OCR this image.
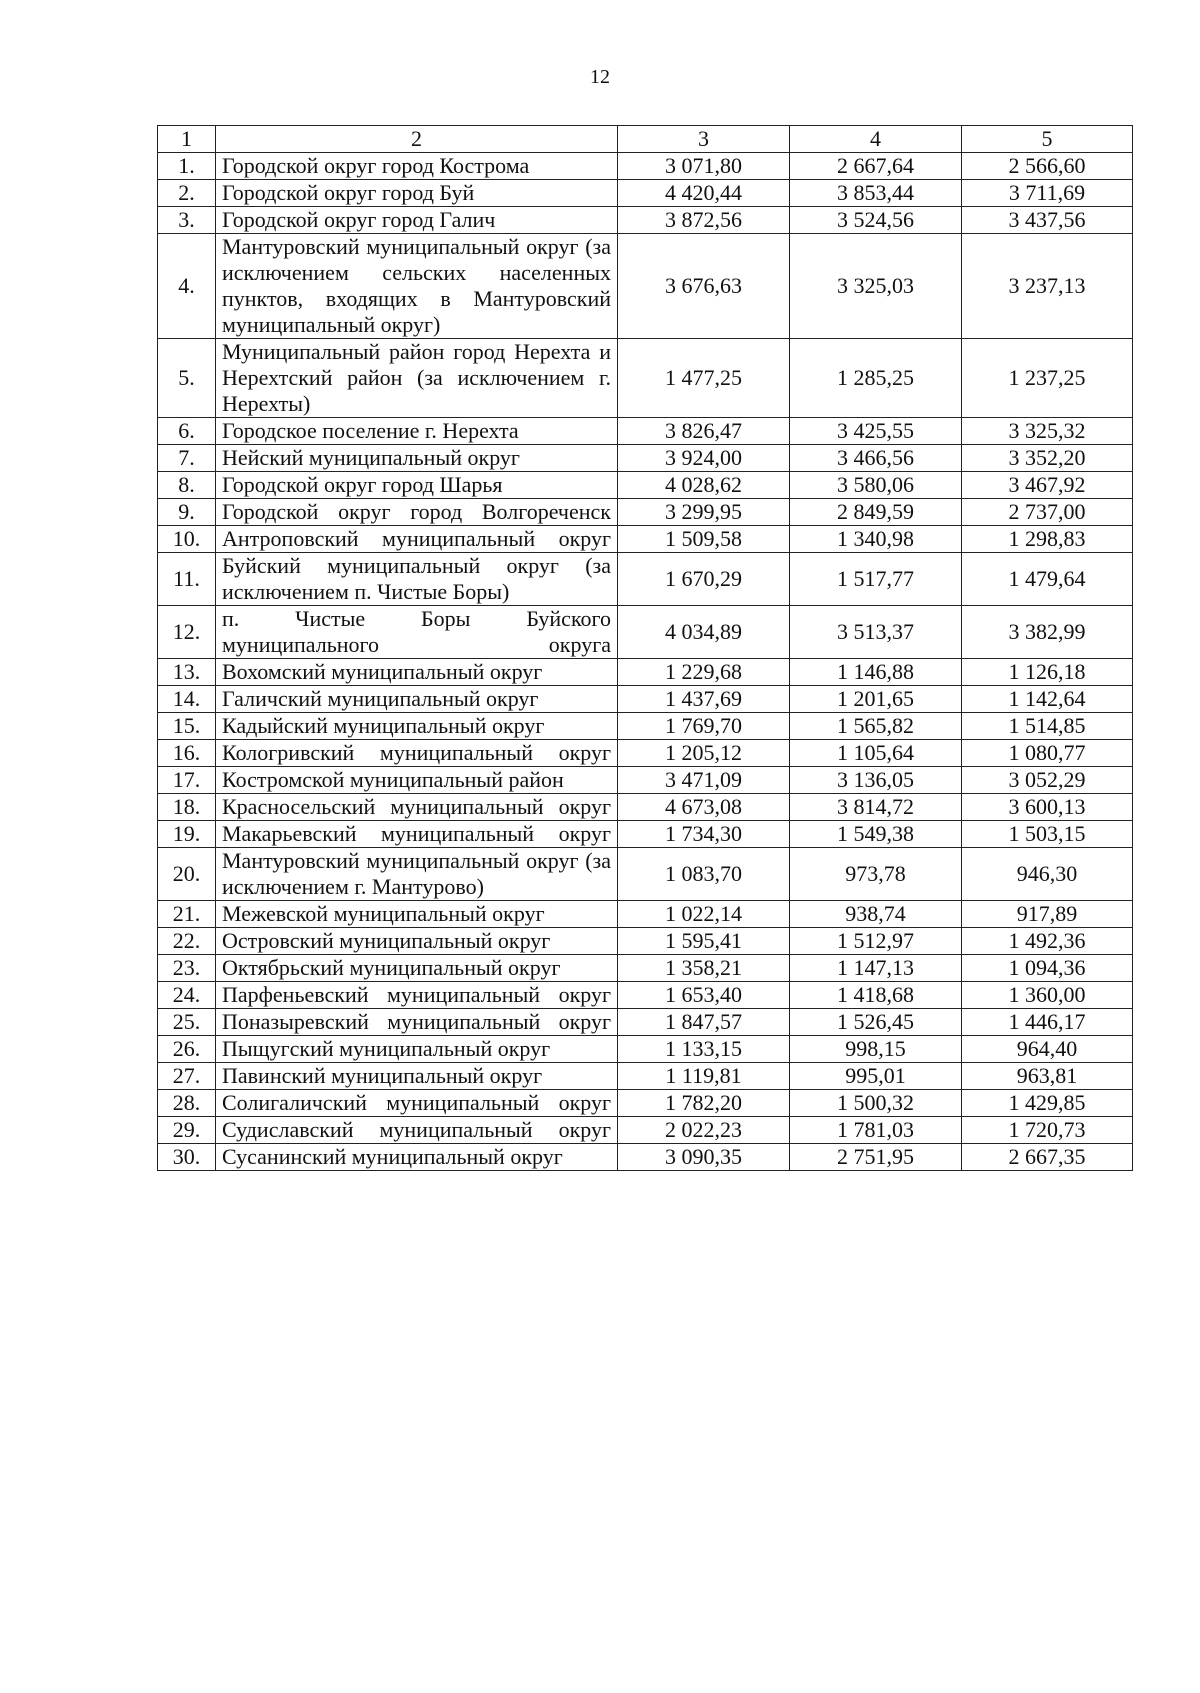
12
1	2	3	4	5
1.	Городской округ город Кострома	3 071,80	2 667,64	2 566,60
2.	Городской округ город Буй	4 420,44	3 853,44	3 711,69
3.	Городской округ город Галич	3 872,56	3 524,56	3 437,56
4.	Мантуровский муниципальный округ (за исключением сельских населенных пунктов, входящих в Мантуровский муниципальный округ)	3 676,63	3 325,03	3 237,13
5.	Муниципальный район город Нерехта и Нерехтский район (за исключением г. Нерехты)	1 477,25	1 285,25	1 237,25
6.	Городское поселение г. Нерехта	3 826,47	3 425,55	3 325,32
7.	Нейский муниципальный округ	3 924,00	3 466,56	3 352,20
8.	Городской округ город Шарья	4 028,62	3 580,06	3 467,92
9.	Городской округ город Волгореченск	3 299,95	2 849,59	2 737,00
10.	Антроповский муниципальный округ	1 509,58	1 340,98	1 298,83
11.	Буйский муниципальный округ (за исключением п. Чистые Боры)	1 670,29	1 517,77	1 479,64
12.	п. Чистые Боры Буйского муниципального округа	4 034,89	3 513,37	3 382,99
13.	Вохомский муниципальный округ	1 229,68	1 146,88	1 126,18
14.	Галичский муниципальный округ	1 437,69	1 201,65	1 142,64
15.	Кадыйский муниципальный округ	1 769,70	1 565,82	1 514,85
16.	Кологривский муниципальный округ	1 205,12	1 105,64	1 080,77
17.	Костромской муниципальный район	3 471,09	3 136,05	3 052,29
18.	Красносельский муниципальный округ	4 673,08	3 814,72	3 600,13
19.	Макарьевский муниципальный округ	1 734,30	1 549,38	1 503,15
20.	Мантуровский муниципальный округ (за исключением г. Мантурово)	1 083,70	973,78	946,30
21.	Межевской муниципальный округ	1 022,14	938,74	917,89
22.	Островский муниципальный округ	1 595,41	1 512,97	1 492,36
23.	Октябрьский муниципальный округ	1 358,21	1 147,13	1 094,36
24.	Парфеньевский муниципальный округ	1 653,40	1 418,68	1 360,00
25.	Поназыревский муниципальный округ	1 847,57	1 526,45	1 446,17
26.	Пыщугский муниципальный округ	1 133,15	998,15	964,40
27.	Павинский муниципальный округ	1 119,81	995,01	963,81
28.	Солигаличский муниципальный округ	1 782,20	1 500,32	1 429,85
29.	Судиславский муниципальный округ	2 022,23	1 781,03	1 720,73
30.	Сусанинский муниципальный округ	3 090,35	2 751,95	2 667,35
